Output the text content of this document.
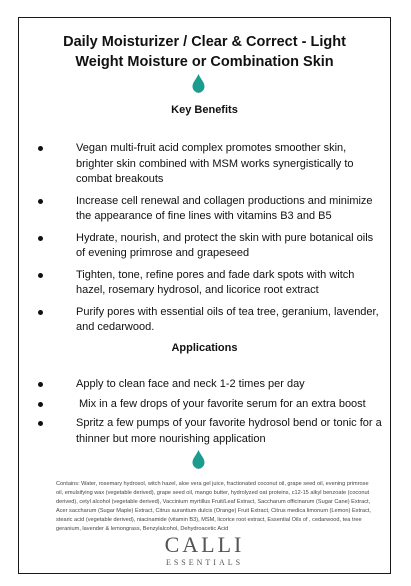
Daily Moisturizer / Clear & Correct - Light
Weight Moisture or Combination Skin
Key Benefits
Vegan multi-fruit acid complex promotes smoother skin, brighter skin combined with MSM works synergistically to combat breakouts
Increase cell renewal and collagen productions and minimize the appearance of fine lines with vitamins B3 and B5
Hydrate, nourish, and protect the skin with pure botanical oils of evening primrose and grapeseed
Tighten, tone, refine pores and fade dark spots with witch hazel, rosemary hydrosol, and licorice root extract
Purify pores with essential oils of tea tree, geranium, lavender, and cedarwood.
Applications
Apply to clean face and neck 1-2 times per day
Mix in a few drops of your favorite serum for an extra boost
Spritz a few pumps of your favorite hydrosol bend or tonic for a thinner but more nourishing application
Contains: Water, rosemary hydrosol, witch hazel, aloe vera gel juice, fractionated coconut oil, grape seed oil, evening primrose oil, emulsifying wax (vegetable derived), grape seed oil, mango butter, hydrolyzed oat proteins, c12-15 alkyl benzoate (coconut derived), cetyl alcohol (vegetable derived), Vaccinium myrtillus Fruit/Leaf Extract, Saccharum officinarum (Sugar Cane) Extract, Acer saccharum (Sugar Maple) Extract, Citrus aurantium dulcis (Orange) Fruit Extract, Citrus medica limonum (Lemon) Extract, stearic acid (vegetable derived), niacinamide (vitamin B3), MSM, licorice root extract, Essential Oils of , cedarwood, tea tree geranium, lavender & lemongrass, Benzylalcohol, Dehydroacetic Acid
CALLI
ESSENTIALS
